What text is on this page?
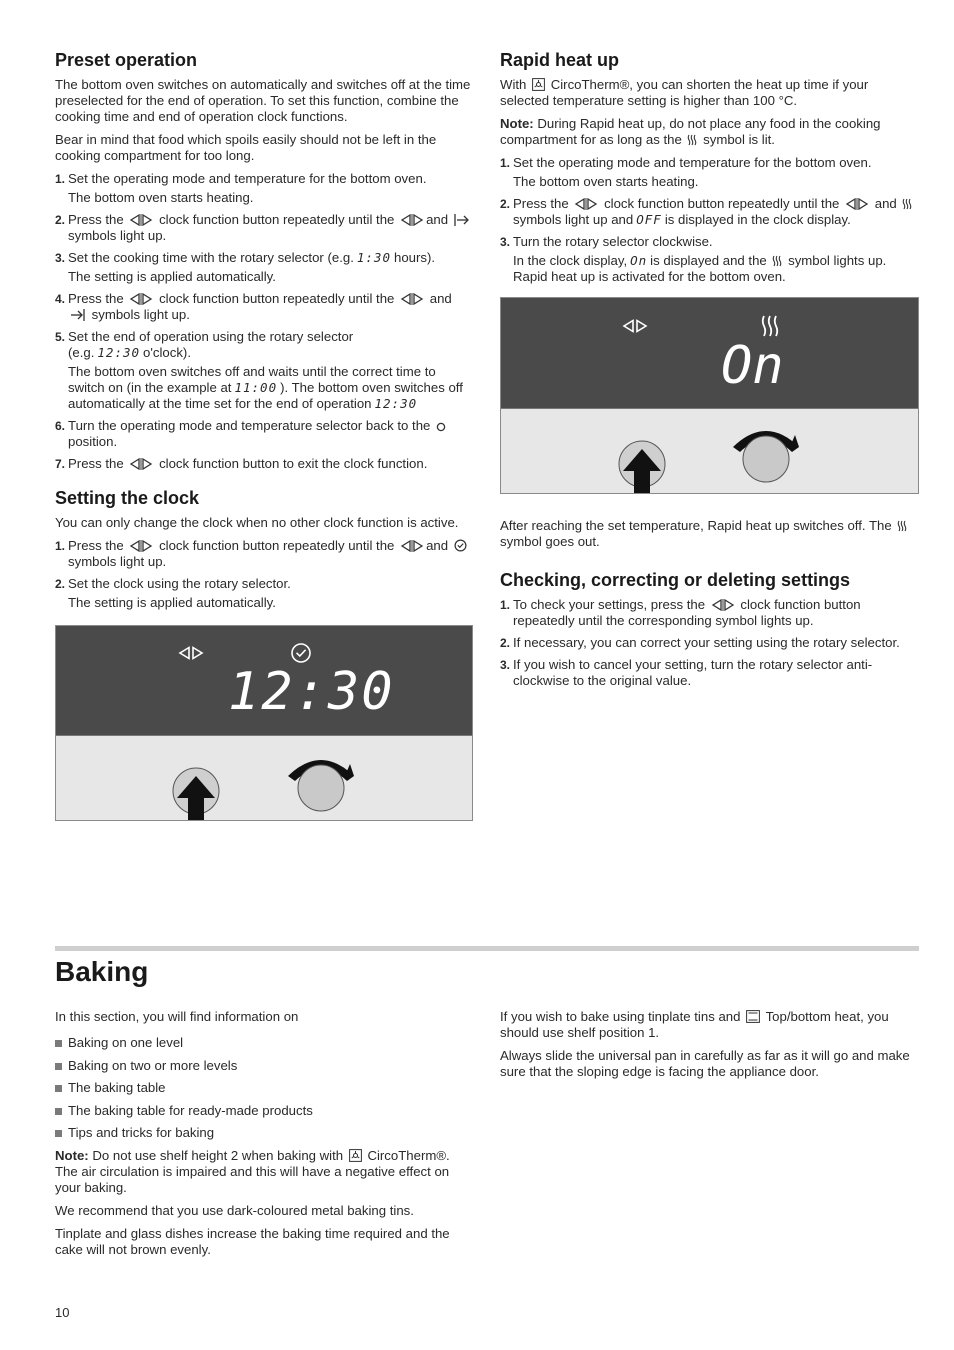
Preset operation

The bottom oven switches on automatically and switches off at the time preselected for the end of operation. To set this function, combine the cooking time and end of operation clock functions.

Bear in mind that food which spoils easily should not be left in the cooking compartment for too long.

1. Set the operating mode and temperature for the bottom oven.
The bottom oven starts heating.
2. Press the	clock function button repeatedly until the and  symbols light up.
3. Set the cooking time with the rotary selector (e.g. 1:30 hours).
The setting is applied automatically.
4. Press the	clock function button repeatedly until the	and  symbols light up.
5. Set the end of operation using the rotary selector (e.g. 12:30 o'clock).
The bottom oven switches off and waits until the correct time to switch on (in the example at 11:00 ). The bottom oven switches off automatically at the time set for the end of operation 12:30
6. Turn the operating mode and temperature selector back to the  position.
7. Press the	clock function button to exit the clock function.
Setting the clock

You can only change the clock when no other clock function is active.

1. Press the	clock function button repeatedly until the and  symbols light up.
2. Set the clock using the rotary selector.
The setting is applied automatically.
12:30
Rapid heat up

With CircoTherm®, you can shorten the heat up time if your selected temperature setting is higher than 100 °C.

Note: During Rapid heat up, do not place any food in the cooking compartment for as long as the symbol is lit.

1. Set the operating mode and temperature for the bottom oven.
The bottom oven starts heating.
2. Press the	clock function button repeatedly until the	and  symbols light up and OFF is displayed in the clock display.
3. Turn the rotary selector clockwise.
In the clock display, On is displayed and the symbol lights up. Rapid heat up is activated for the bottom oven.
On

After reaching the set temperature, Rapid heat up switches off. The  symbol goes out.

Checking, correcting or deleting settings
1. To check your settings, press the	clock function button repeatedly until the corresponding symbol lights up.
2. If necessary, you can correct your setting using the rotary selector.
3. If you wish to cancel your setting, turn the rotary selector anti-clockwise to the original value.
Baking

In this section, you will find information on

Baking on one level
Baking on two or more levels
The baking table
The baking table for ready-made products
Tips and tricks for baking

Note: Do not use shelf height 2 when baking with CircoTherm®. The air circulation is impaired and this will have a negative effect on your baking.

We recommend that you use dark-coloured metal baking tins.

Tinplate and glass dishes increase the baking time required and the cake will not brown evenly.

If you wish to bake using tinplate tins and Top/bottom heat, you should use shelf position 1.

Always slide the universal pan in carefully as far as it will go and make sure that the sloping edge is facing the appliance door.

10
